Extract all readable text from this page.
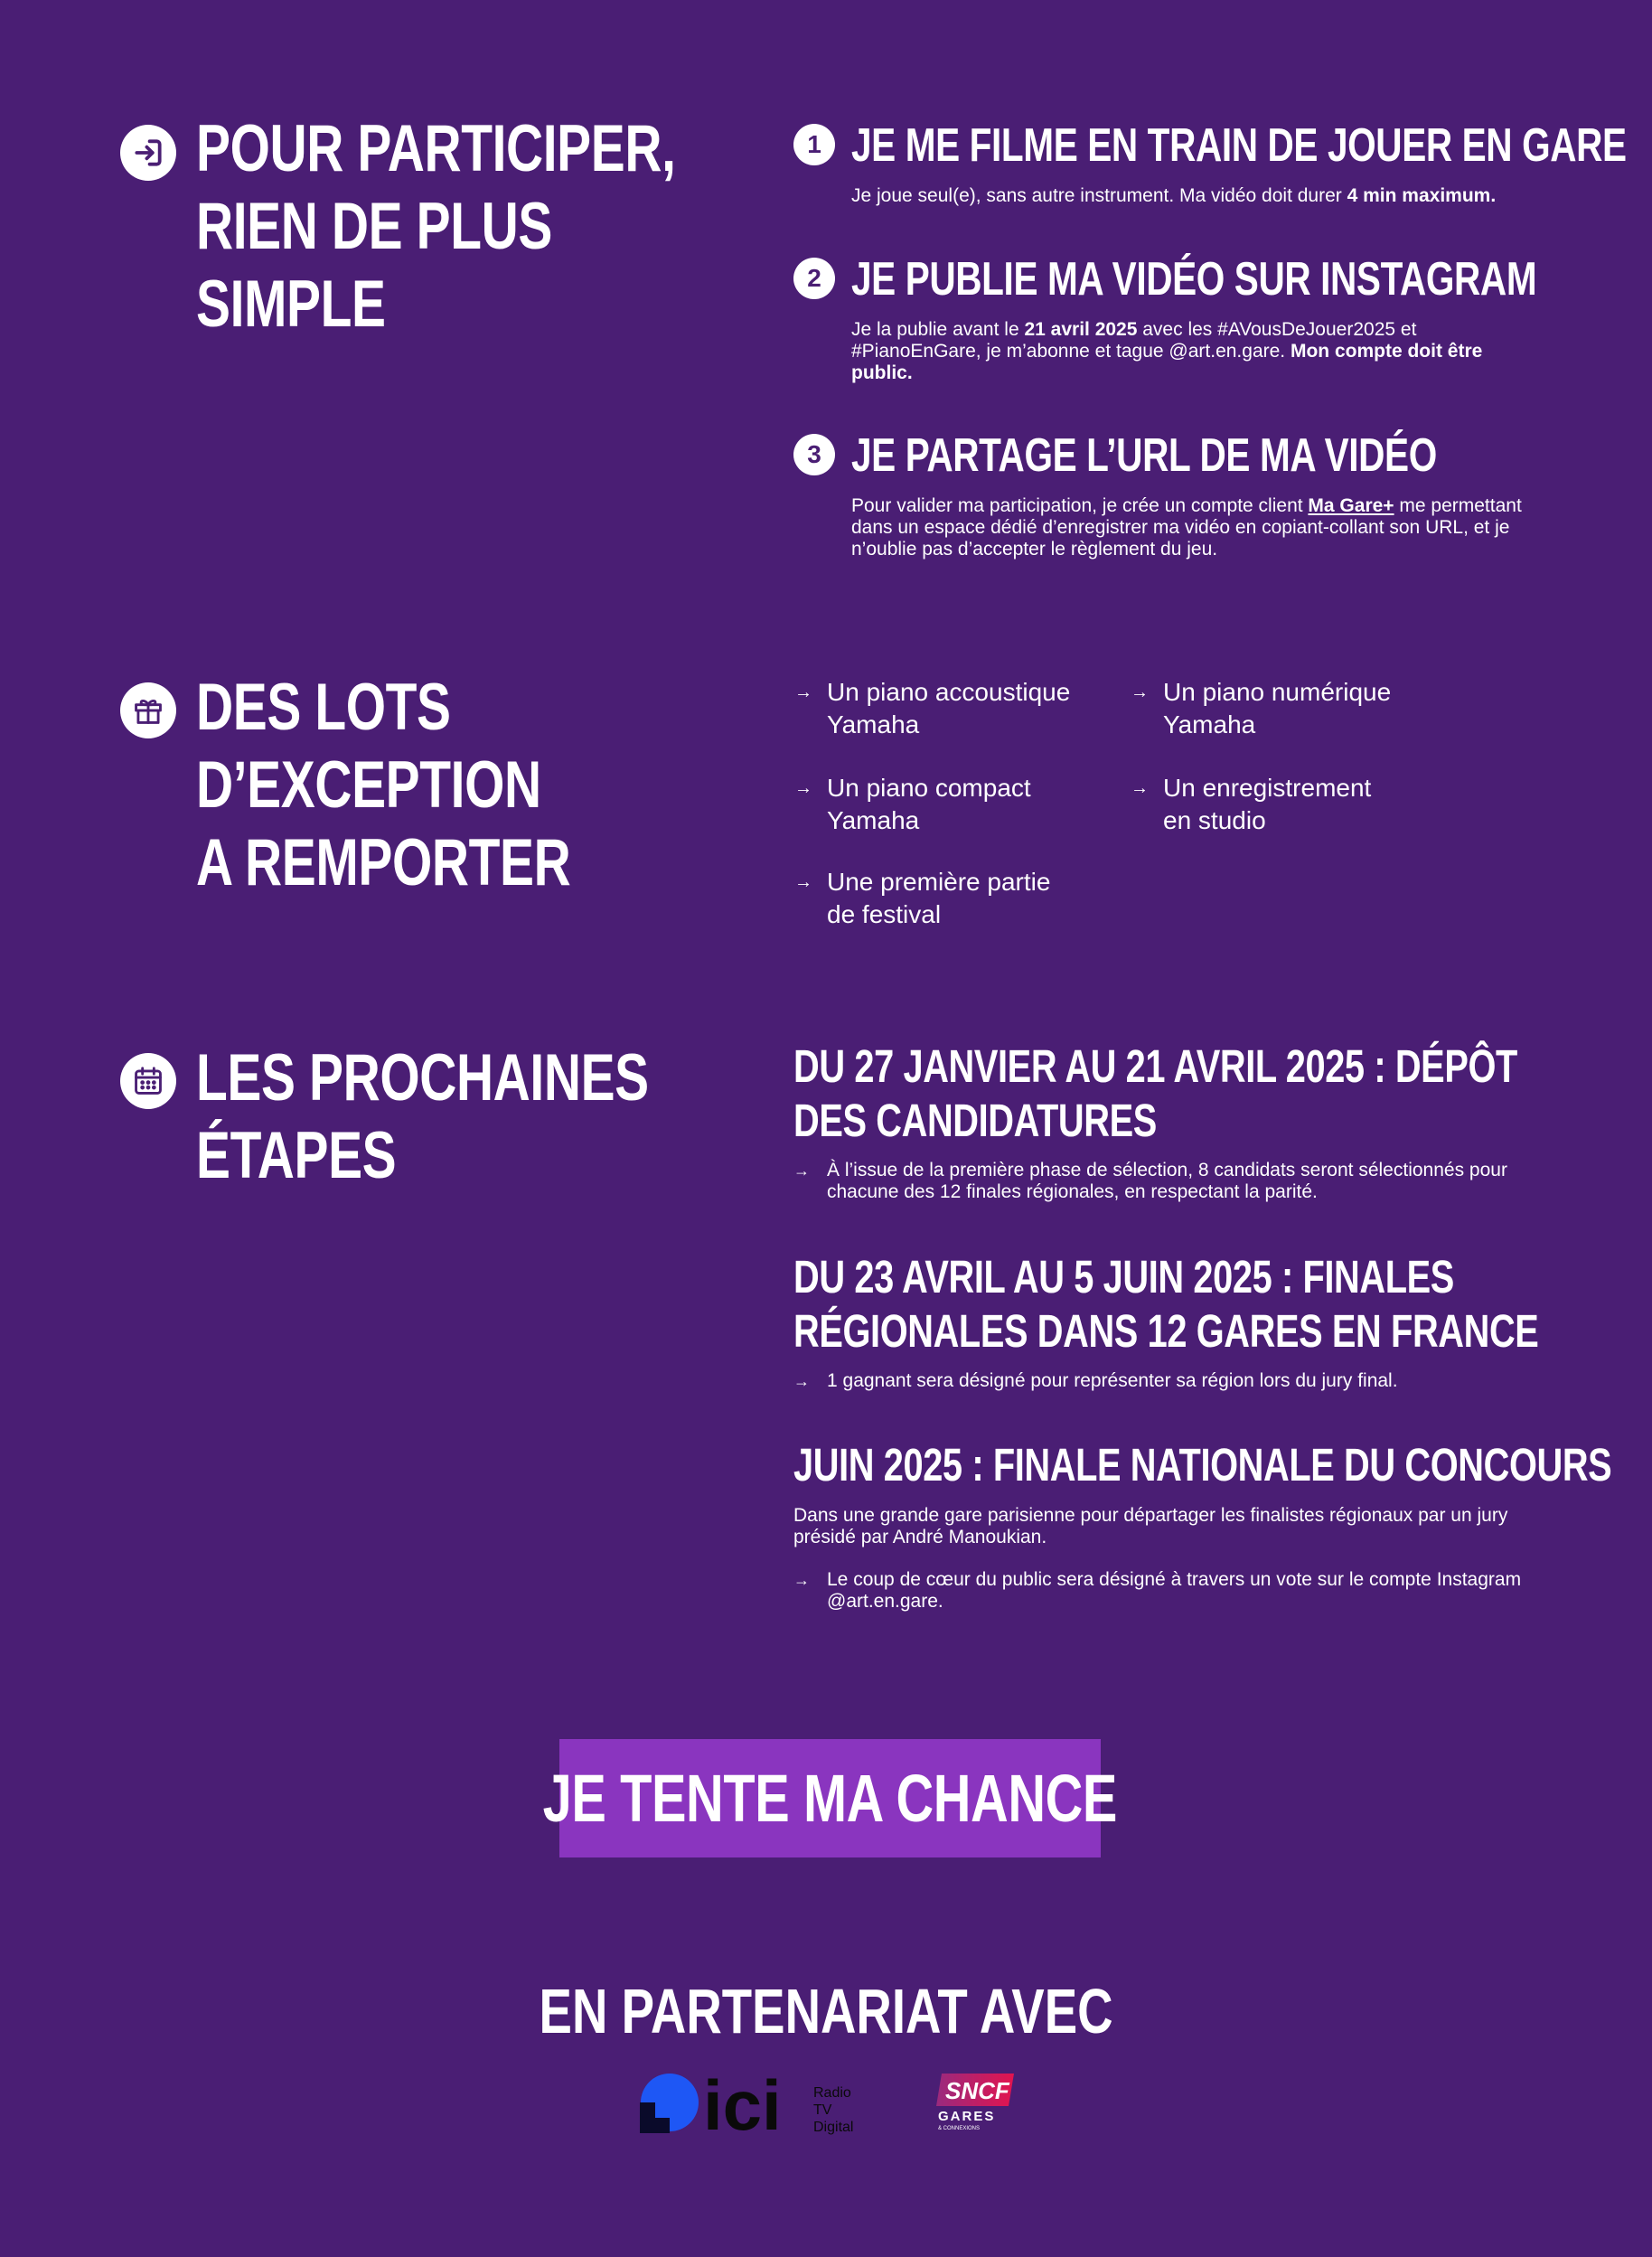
POUR PARTICIPER,
RIEN DE PLUS
SIMPLE
1 JE ME FILME EN TRAIN DE JOUER EN GARE
Je joue seul(e), sans autre instrument. Ma vidéo doit durer 4 min maximum.
2 JE PUBLIE MA VIDÉO SUR INSTAGRAM
Je la publie avant le 21 avril 2025 avec les #AVousDeJouer2025 et #PianoEnGare, je m’abonne et tague @art.en.gare. Mon compte doit être public.
3 JE PARTAGE L’URL DE MA VIDÉO
Pour valider ma participation, je crée un compte client Ma Gare+ me permettant dans un espace dédié d’enregistrer ma vidéo en copiant-collant son URL, et je n’oublie pas d’accepter le règlement du jeu.
DES LOTS
D’EXCEPTION
A REMPORTER
→ Un piano accoustique
Yamaha
→ Un piano numérique
Yamaha
→ Un piano compact
Yamaha
→ Un enregistrement
en studio
→ Une première partie
de festival
LES PROCHAINES
ÉTAPES
DU 27 JANVIER AU 21 AVRIL 2025 : DÉPÔT
DES CANDIDATURES
→ À l’issue de la première phase de sélection, 8 candidats seront sélectionnés pour chacune des 12 finales régionales, en respectant la parité.
DU 23 AVRIL AU 5 JUIN 2025 : FINALES
RÉGIONALES DANS 12 GARES EN FRANCE
→ 1 gagnant sera désigné pour représenter sa région lors du jury final.
JUIN 2025 : FINALE NATIONALE DU CONCOURS
Dans une grande gare parisienne pour départager les finalistes régionaux par un jury présidé par André Manoukian.
→ Le coup de cœur du public sera désigné à travers un vote sur le compte Instagram @art.en.gare.
JE TENTE MA CHANCE
EN PARTENARIAT AVEC
ici Radio
TV
Digital
SNCF
GARES
& CONNEXIONS
